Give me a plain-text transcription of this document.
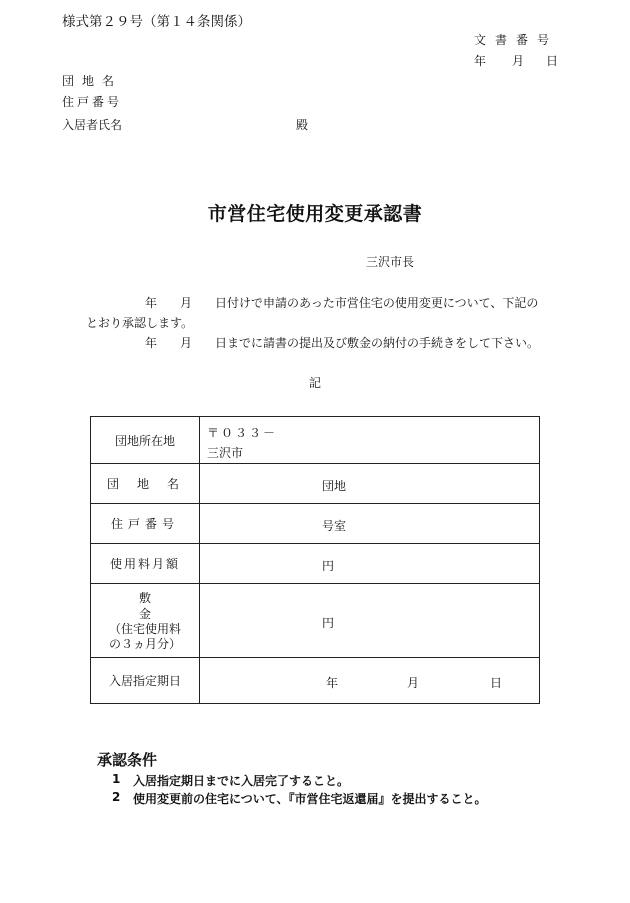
様式第２９号（第１４条関係）
文書番号
年 月 日
団地名
住戸番号
入居者氏名	殿
市営住宅使用変更承認書
三沢市長
年 月 日付けで申請のあった市営住宅の使用変更について、下記の
とおり承認します。
年 月 日までに請書の提出及び敷金の納付の手続きをして下さい。
記
団地所在地	〒０３３－
三沢市

団地名	団地

住戸番号	号室

使用料月額	円

敷金
（住宅使用料
の３ヵ月分）	円

入居指定期日	年 月 日
承認条件
1 入居指定期日までに入居完了すること。
2 使用変更前の住宅について、『市営住宅返還届』を提出すること。
